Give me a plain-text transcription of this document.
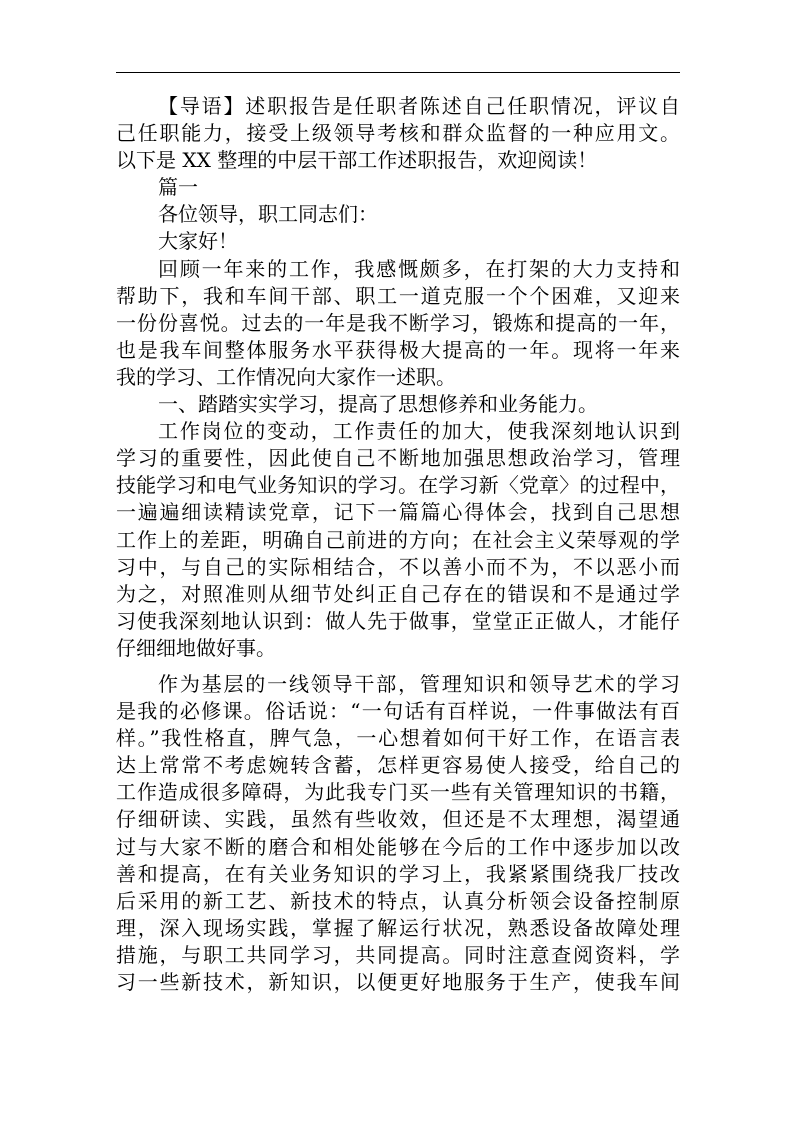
【导语】述职报告是任职者陈述自己任职情况，评议自
己任职能力，接受上级领导考核和群众监督的一种应用文。
以下是 XX 整理的中层干部工作述职报告，欢迎阅读！
篇一
各位领导，职工同志们：
大家好！
回顾一年来的工作，我感慨颇多，在打架的大力支持和
帮助下，我和车间干部、职工一道克服一个个困难，又迎来
一份份喜悦。过去的一年是我不断学习，锻炼和提高的一年，
也是我车间整体服务水平获得极大提高的一年。现将一年来
我的学习、工作情况向大家作一述职。
一、踏踏实实学习，提高了思想修养和业务能力。
工作岗位的变动，工作责任的加大，使我深刻地认识到
学习的重要性，因此使自己不断地加强思想政治学习，管理
技能学习和电气业务知识的学习。在学习新〈党章〉的过程中，
一遍遍细读精读党章，记下一篇篇心得体会，找到自己思想
工作上的差距，明确自己前进的方向；在社会主义荣辱观的学
习中，与自己的实际相结合，不以善小而不为，不以恶小而
为之，对照准则从细节处纠正自己存在的错误和不是通过学
习使我深刻地认识到：做人先于做事，堂堂正正做人，才能仔
仔细细地做好事。
作为基层的一线领导干部，管理知识和领导艺术的学习
是我的必修课。俗话说：“一句话有百样说，一件事做法有百
样。”我性格直，脾气急，一心想着如何干好工作，在语言表
达上常常不考虑婉转含蓄，怎样更容易使人接受，给自己的
工作造成很多障碍，为此我专门买一些有关管理知识的书籍，
仔细研读、实践，虽然有些收效，但还是不太理想，渴望通
过与大家不断的磨合和相处能够在今后的工作中逐步加以改
善和提高，在有关业务知识的学习上，我紧紧围绕我厂技改
后采用的新工艺、新技术的特点，认真分析领会设备控制原
理，深入现场实践，掌握了解运行状况，熟悉设备故障处理
措施，与职工共同学习，共同提高。同时注意查阅资料，学
习一些新技术，新知识，以便更好地服务于生产，使我车间
